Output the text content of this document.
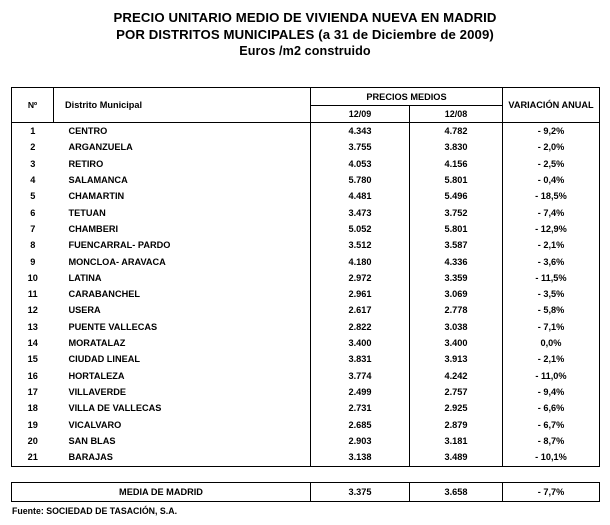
PRECIO UNITARIO MEDIO DE VIVIENDA NUEVA EN MADRID
POR DISTRITOS MUNICIPALES (a 31 de Diciembre de 2009)
Euros /m2 construido
Nº	Distrito Municipal	PRECIOS MEDIOS		VARIACIÓN ANUAL
		12/09	12/08	
1	CENTRO	4.343	4.782	- 9,2%
2	ARGANZUELA	3.755	3.830	- 2,0%
3	RETIRO	4.053	4.156	- 2,5%
4	SALAMANCA	5.780	5.801	- 0,4%
5	CHAMARTIN	4.481	5.496	- 18,5%
6	TETUAN	3.473	3.752	- 7,4%
7	CHAMBERI	5.052	5.801	- 12,9%
8	FUENCARRAL- PARDO	3.512	3.587	- 2,1%
9	MONCLOA- ARAVACA	4.180	4.336	- 3,6%
10	LATINA	2.972	3.359	- 11,5%
11	CARABANCHEL	2.961	3.069	- 3,5%
12	USERA	2.617	2.778	- 5,8%
13	PUENTE VALLECAS	2.822	3.038	- 7,1%
14	MORATALAZ	3.400	3.400	0,0%
15	CIUDAD LINEAL	3.831	3.913	- 2,1%
16	HORTALEZA	3.774	4.242	- 11,0%
17	VILLAVERDE	2.499	2.757	- 9,4%
18	VILLA DE VALLECAS	2.731	2.925	- 6,6%
19	VICALVARO	2.685	2.879	- 6,7%
20	SAN BLAS	2.903	3.181	- 8,7%
21	BARAJAS	3.138	3.489	- 10,1%
MEDIA DE MADRID	3.375	3.658	- 7,7%
Fuente: SOCIEDAD DE TASACIÓN, S.A.
